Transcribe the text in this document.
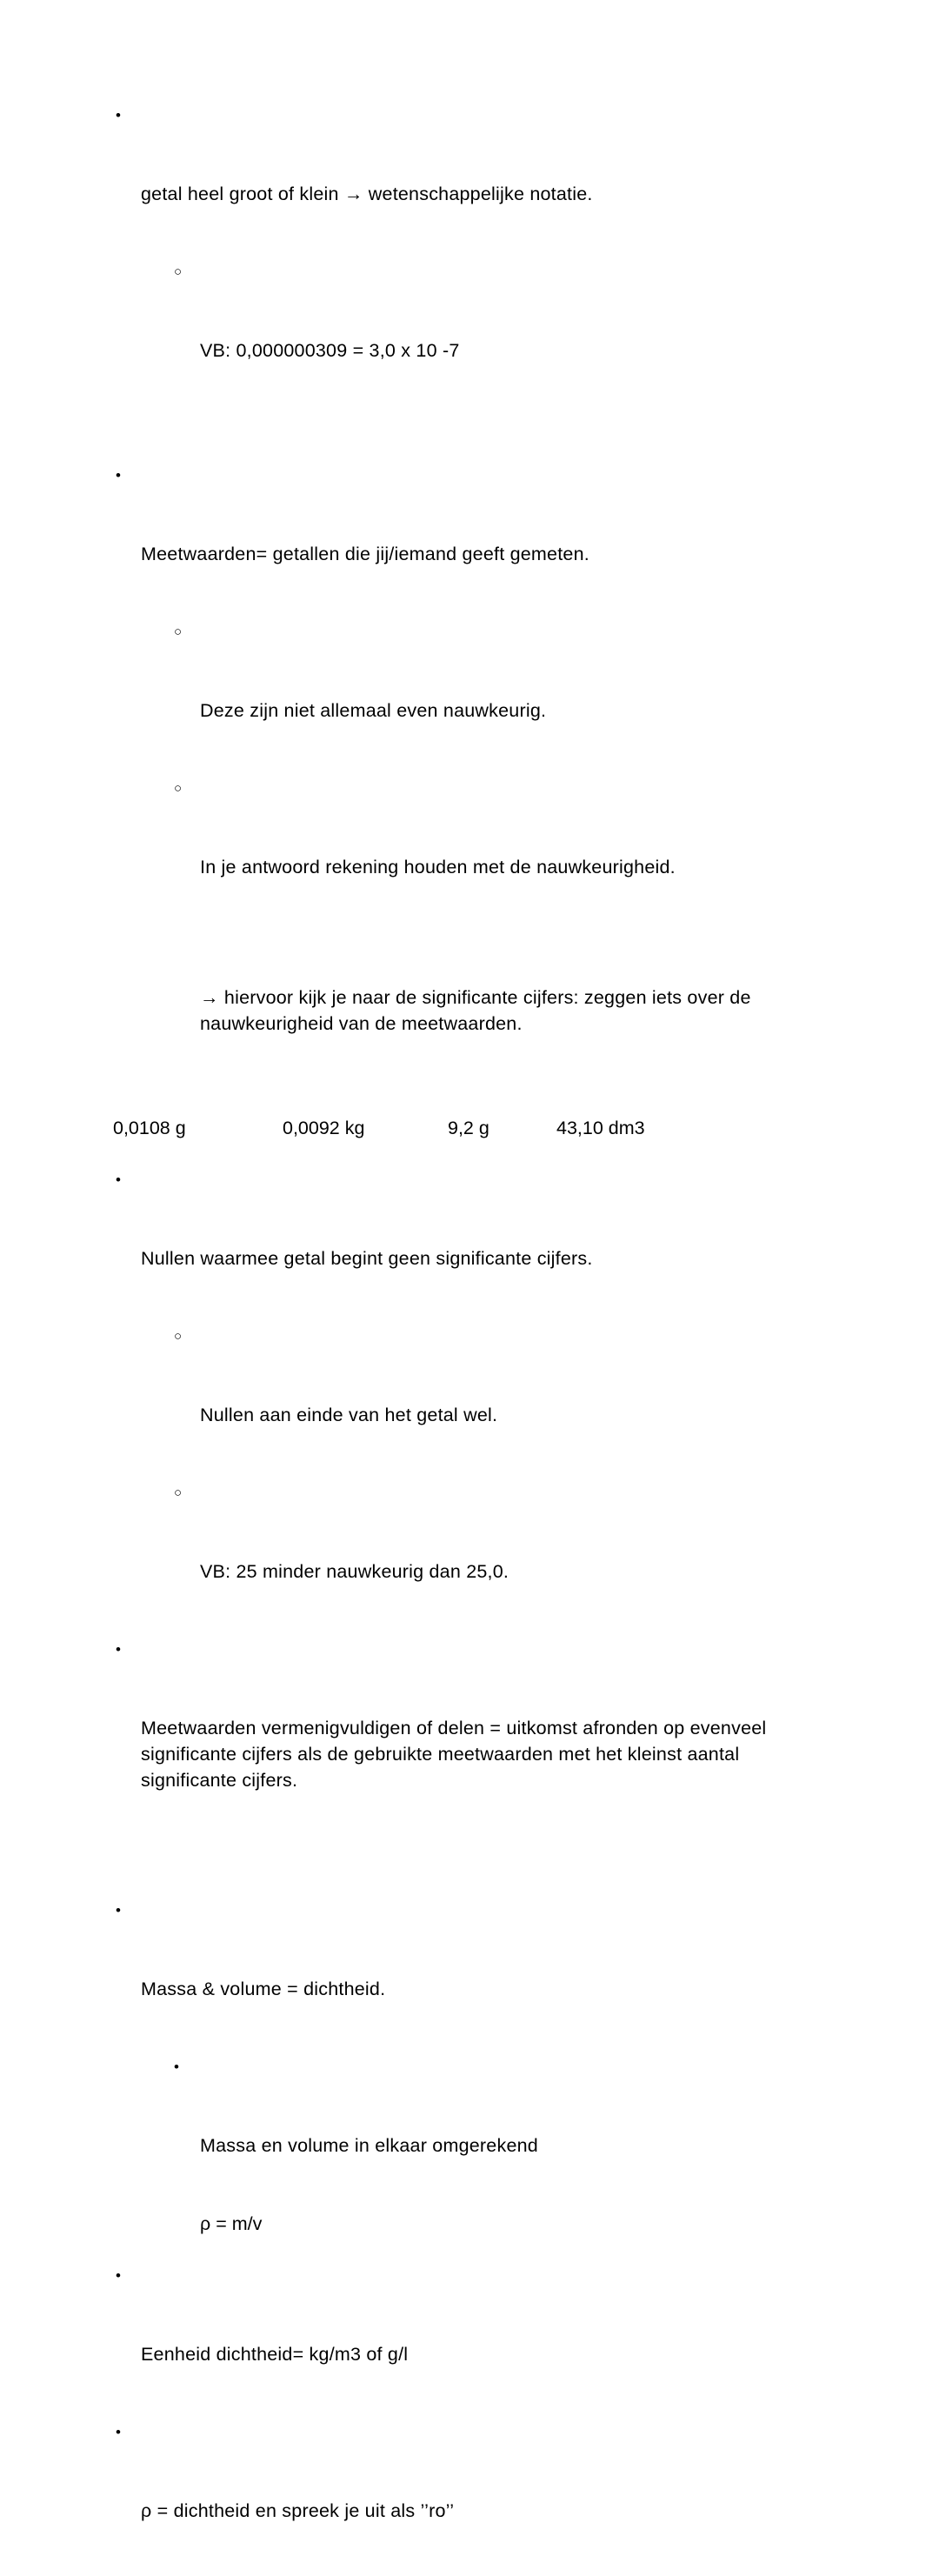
•

getal heel groot of klein → wetenschappelijke notatie.

○

VB: 0,000000309 = 3,0 x 10 -7

•

Meetwaarden= getallen die jij/iemand geeft gemeten.

○

Deze zijn niet allemaal even nauwkeurig.

○

In je antwoord rekening houden met de nauwkeurigheid.

→ hiervoor kijk je naar de significante cijfers: zeggen iets over de nauwkeurigheid van de meetwaarden.

0,0108 g	0,0092 kg	9,2 g	43,10 dm3

•

Nullen waarmee getal begint geen significante cijfers.

○

Nullen aan einde van het getal wel.

○

VB: 25 minder nauwkeurig dan 25,0.

•

Meetwaarden vermenigvuldigen of delen = uitkomst afronden op evenveel significante cijfers als de gebruikte meetwaarden met het kleinst aantal significante cijfers.

•

Massa & volume = dichtheid.

•

Massa en volume in elkaar omgerekend

ρ = m/v

•

Eenheid dichtheid= kg/m3 of g/l

•

ρ = dichtheid en spreek je uit als ’’ro’’
